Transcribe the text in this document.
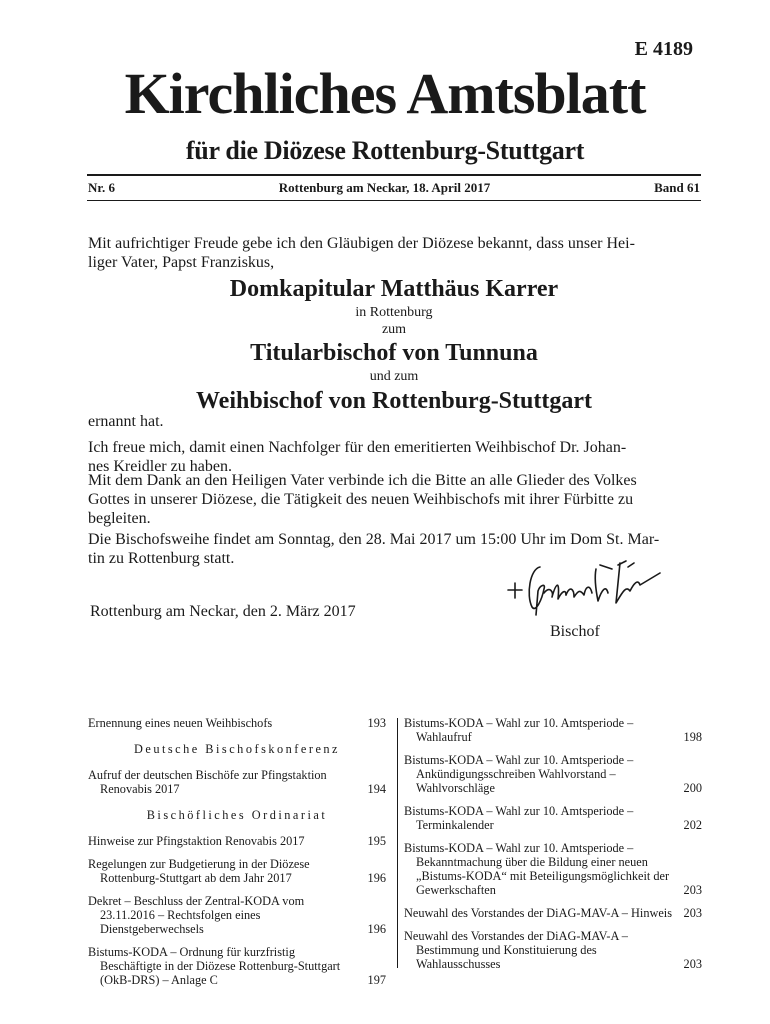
E 4189
Kirchliches Amtsblatt
für die Diözese Rottenburg-Stuttgart
Nr. 6	Rottenburg am Neckar, 18. April 2017	Band 61
Mit aufrichtiger Freude gebe ich den Gläubigen der Diözese bekannt, dass unser Hei-
liger Vater, Papst Franziskus,
Domkapitular Matthäus Karrer
in Rottenburg
zum
Titularbischof von Tunnuna
und zum
Weihbischof von Rottenburg-Stuttgart
ernannt hat.
Ich freue mich, damit einen Nachfolger für den emeritierten Weihbischof Dr. Johan-
nes Kreidler zu haben.
Mit dem Dank an den Heiligen Vater verbinde ich die Bitte an alle Glieder des Volkes
Gottes in unserer Diözese, die Tätigkeit des neuen Weihbischofs mit ihrer Fürbitte zu
begleiten.
Die Bischofsweihe findet am Sonntag, den 28. Mai 2017 um 15:00 Uhr im Dom St. Mar-
tin zu Rottenburg statt.
Rottenburg am Neckar, den 2. März 2017
Bischof
Ernennung eines neuen Weihbischofs	193
Deutsche Bischofskonferenz
Aufruf der deutschen Bischöfe zur Pfingstaktion Renovabis 2017	194
Bischöfliches Ordinariat
Hinweise zur Pfingstaktion Renovabis 2017	195
Regelungen zur Budgetierung in der Diözese Rottenburg-Stuttgart ab dem Jahr 2017	196
Dekret – Beschluss der Zentral-KODA vom 23.11.2016 – Rechtsfolgen eines Dienstgeberwechsels	196
Bistums-KODA – Ordnung für kurzfristig Beschäftigte in der Diözese Rottenburg-Stuttgart (OkB-DRS) – Anlage C	197
Bistums-KODA – Wahl zur 10. Amtsperiode – Wahlaufruf	198
Bistums-KODA – Wahl zur 10. Amtsperiode – Ankündigungsschreiben Wahlvorstand – Wahlvorschläge	200
Bistums-KODA – Wahl zur 10. Amtsperiode – Terminkalender	202
Bistums-KODA – Wahl zur 10. Amtsperiode – Bekanntmachung über die Bildung einer neuen „Bistums-KODA“ mit Beteiligungsmöglichkeit der Gewerkschaften	203
Neuwahl des Vorstandes der DiAG-MAV-A – Hinweis 203
Neuwahl des Vorstandes der DiAG-MAV-A – Bestimmung und Konstituierung des Wahlausschusses	203
